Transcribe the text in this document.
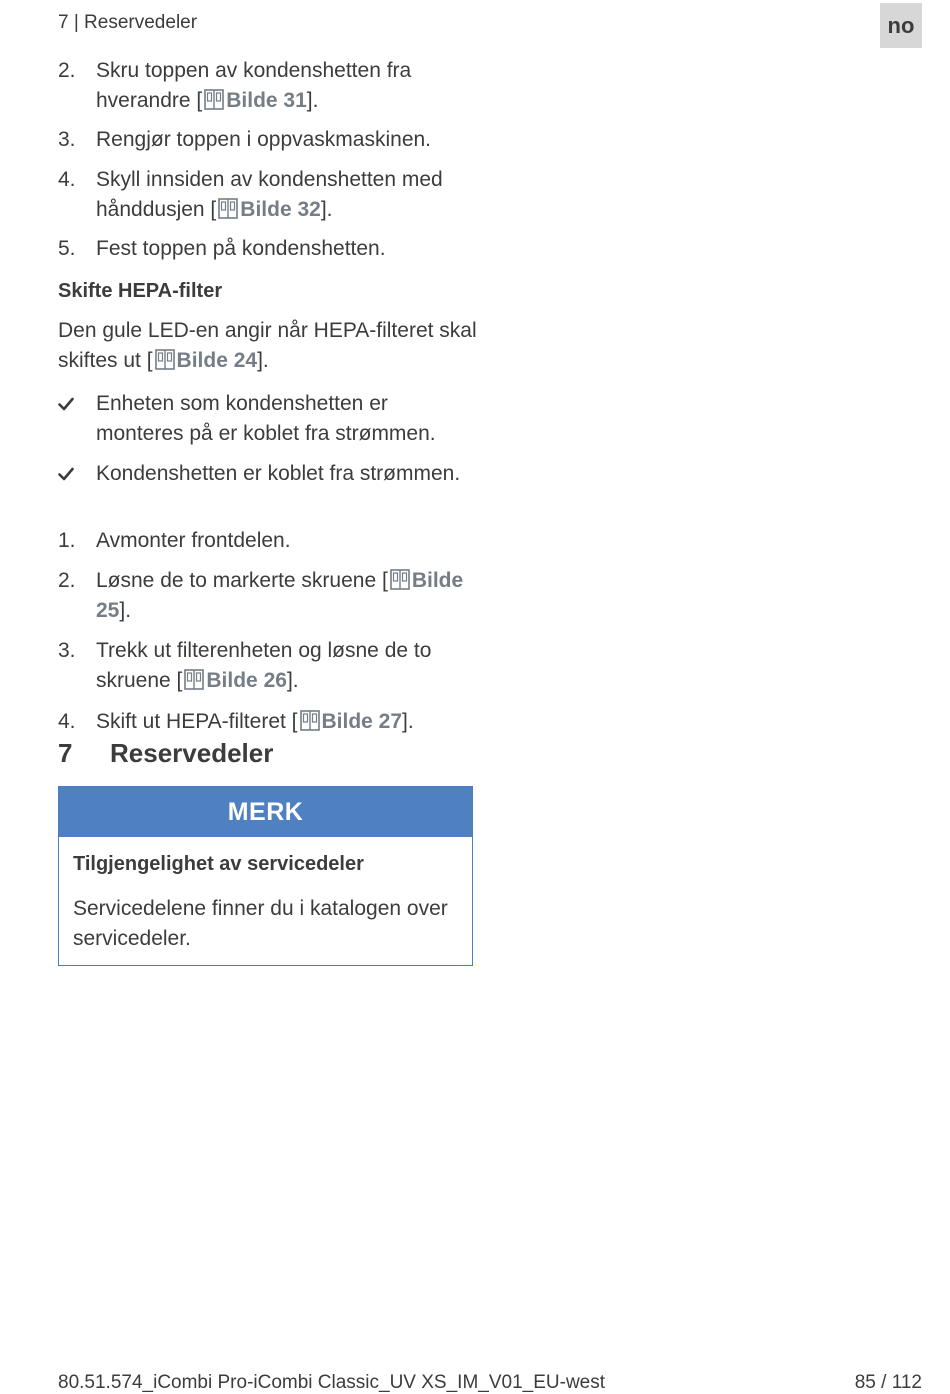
7 | Reservedeler	no
2. Skru toppen av kondenshetten fra hverandre [ Bilde 31].
3. Rengjør toppen i oppvaskmaskinen.
4. Skyll innsiden av kondenshetten med hånddusjen [ Bilde 32].
5. Fest toppen på kondenshetten.
Skifte HEPA-filter
Den gule LED-en angir når HEPA-filteret skal skiftes ut [ Bilde 24].
Enheten som kondenshetten er monteres på er koblet fra strømmen.
Kondenshetten er koblet fra strømmen.
1. Avmonter frontdelen.
2. Løsne de to markerte skruene [ Bilde 25].
3. Trekk ut filterenheten og løsne de to skruene [ Bilde 26].
4. Skift ut HEPA-filteret [ Bilde 27].
7 Reservedeler
MERK
Tilgjengelighet av servicedeler
Servicedelene finner du i katalogen over servicedeler.
80.51.574_iCombi Pro-iCombi Classic_UV XS_IM_V01_EU-west	85 / 112
